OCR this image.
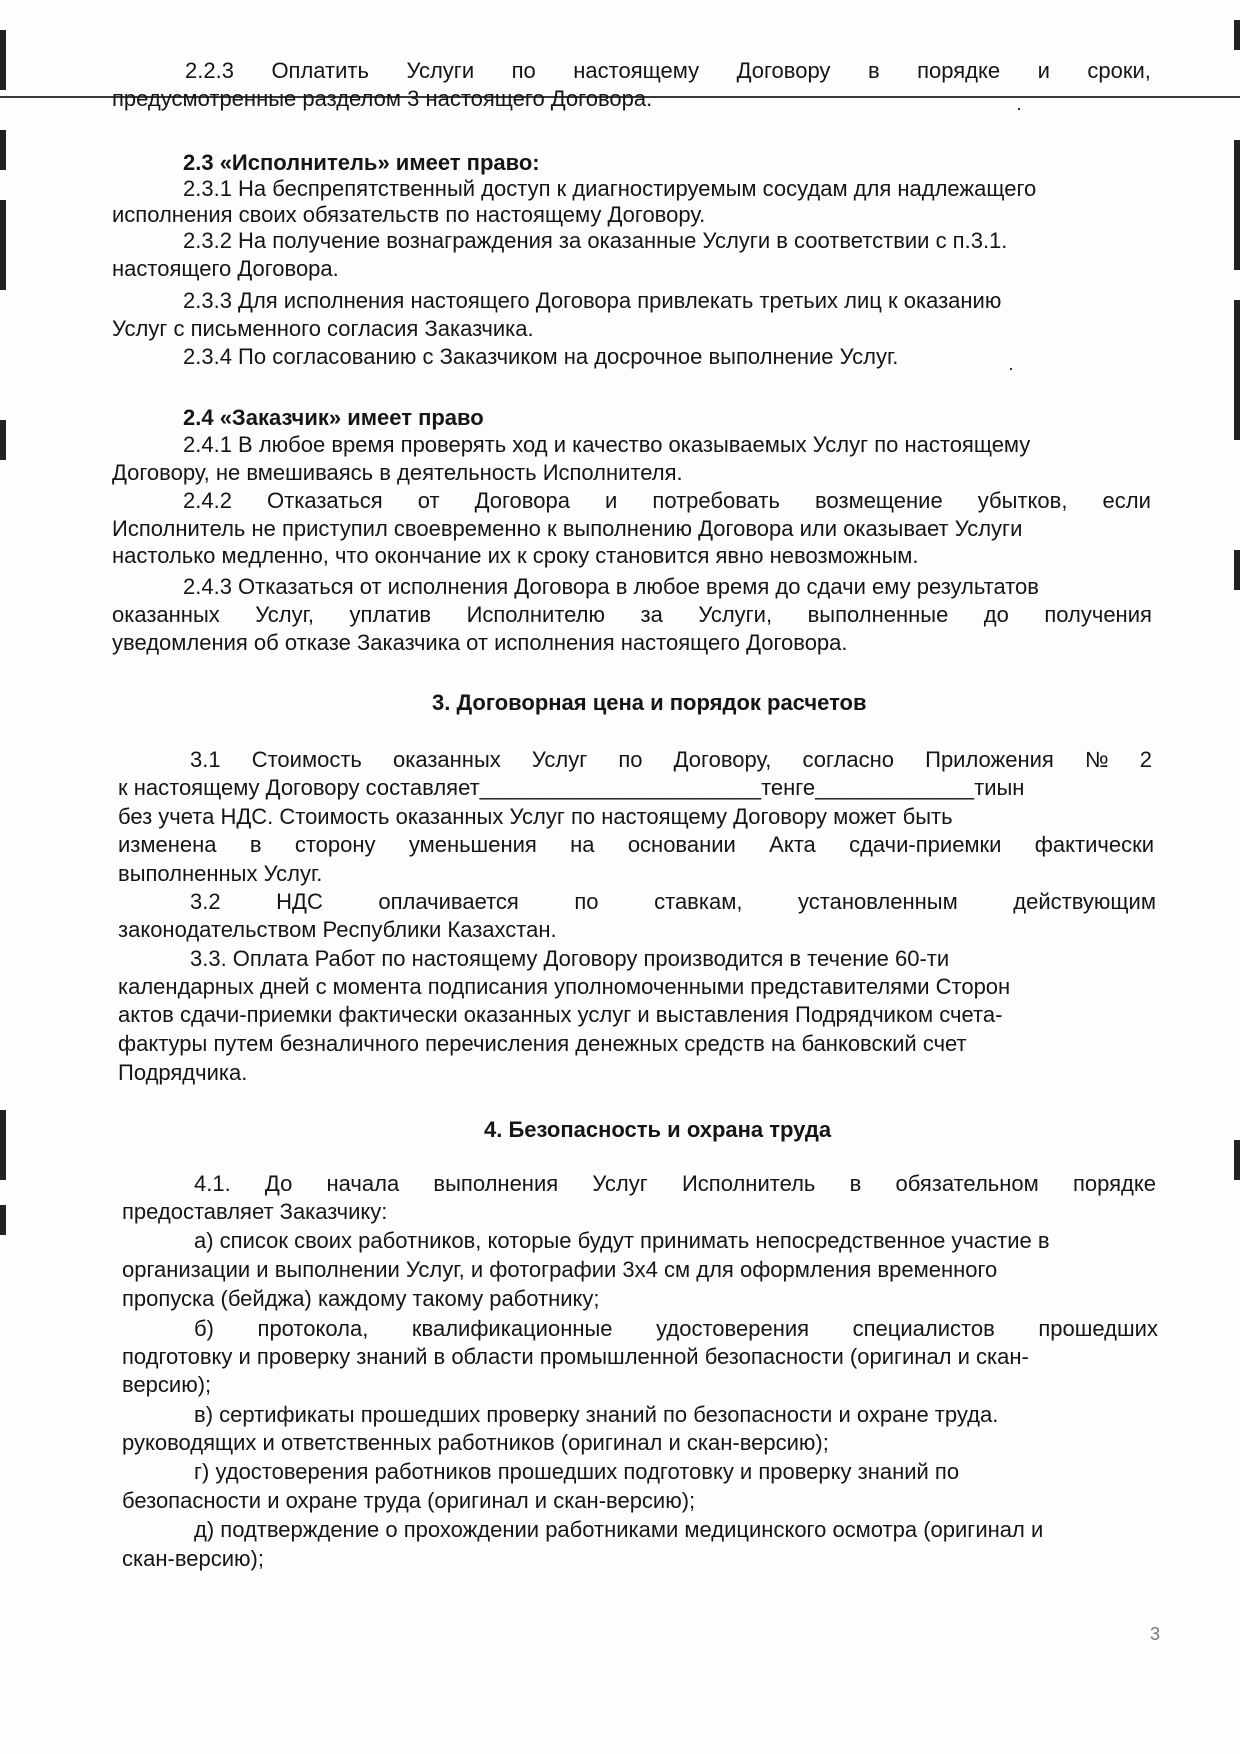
2.2.3 Оплатить Услуги по настоящему Договору в порядке и сроки,
предусмотренные разделом 3 настоящего Договора.
2.3 «Исполнитель» имеет право:
2.3.1 На беспрепятственный доступ к диагностируемым сосудам для надлежащего
исполнения своих обязательств по настоящему Договору.
2.3.2 На получение вознаграждения за оказанные Услуги в соответствии с п.3.1.
настоящего Договора.
2.3.3 Для исполнения настоящего Договора привлекать третьих лиц к оказанию
Услуг с письменного согласия Заказчика.
2.3.4 По согласованию с Заказчиком на досрочное выполнение Услуг.
2.4 «Заказчик» имеет право
2.4.1 В любое время проверять ход и качество оказываемых Услуг по настоящему
Договору, не вмешиваясь в деятельность Исполнителя.
2.4.2 Отказаться от Договора и потребовать возмещение убытков, если
Исполнитель не приступил своевременно к выполнению Договора или оказывает Услуги
настолько медленно, что окончание их к сроку становится явно невозможным.
2.4.3 Отказаться от исполнения Договора в любое время до сдачи ему результатов
оказанных Услуг, уплатив Исполнителю за Услуги, выполненные до получения
уведомления об отказе Заказчика от исполнения настоящего Договора.
3. Договорная цена и порядок расчетов
3.1 Стоимость оказанных Услуг по Договору, согласно Приложения № 2
к настоящему Договору составляет_______________________тенге_____________тиын
без учета НДС. Стоимость оказанных Услуг по настоящему Договору может быть
изменена в сторону уменьшения на основании Акта сдачи-приемки фактически
выполненных Услуг.
3.2	НДС	оплачивается	по	ставкам,	установленным	действующим
законодательством Республики Казахстан.
3.3. Оплата Работ по настоящему Договору производится в течение 60-ти
календарных дней с момента подписания уполномоченными представителями Сторон
актов сдачи-приемки фактически оказанных услуг и выставления Подрядчиком счета-
фактуры путем безналичного перечисления денежных средств на банковский счет
Подрядчика.
4. Безопасность и охрана труда
4.1. До начала выполнения Услуг Исполнитель в обязательном порядке
предоставляет Заказчику:
а) список своих работников, которые будут принимать непосредственное участие в
организации и выполнении Услуг, и фотографии 3х4 см для оформления временного
пропуска (бейджа) каждому такому работнику;
б) протокола, квалификационные удостоверения специалистов прошедших
подготовку и проверку знаний в области промышленной безопасности (оригинал и скан-
версию);
в) сертификаты прошедших проверку знаний по безопасности и охране труда.
руководящих и ответственных работников (оригинал и скан-версию);
г) удостоверения работников прошедших подготовку и проверку знаний по
безопасности и охране труда (оригинал и скан-версию);
д) подтверждение о прохождении работниками медицинского осмотра (оригинал и
скан-версию);
3
